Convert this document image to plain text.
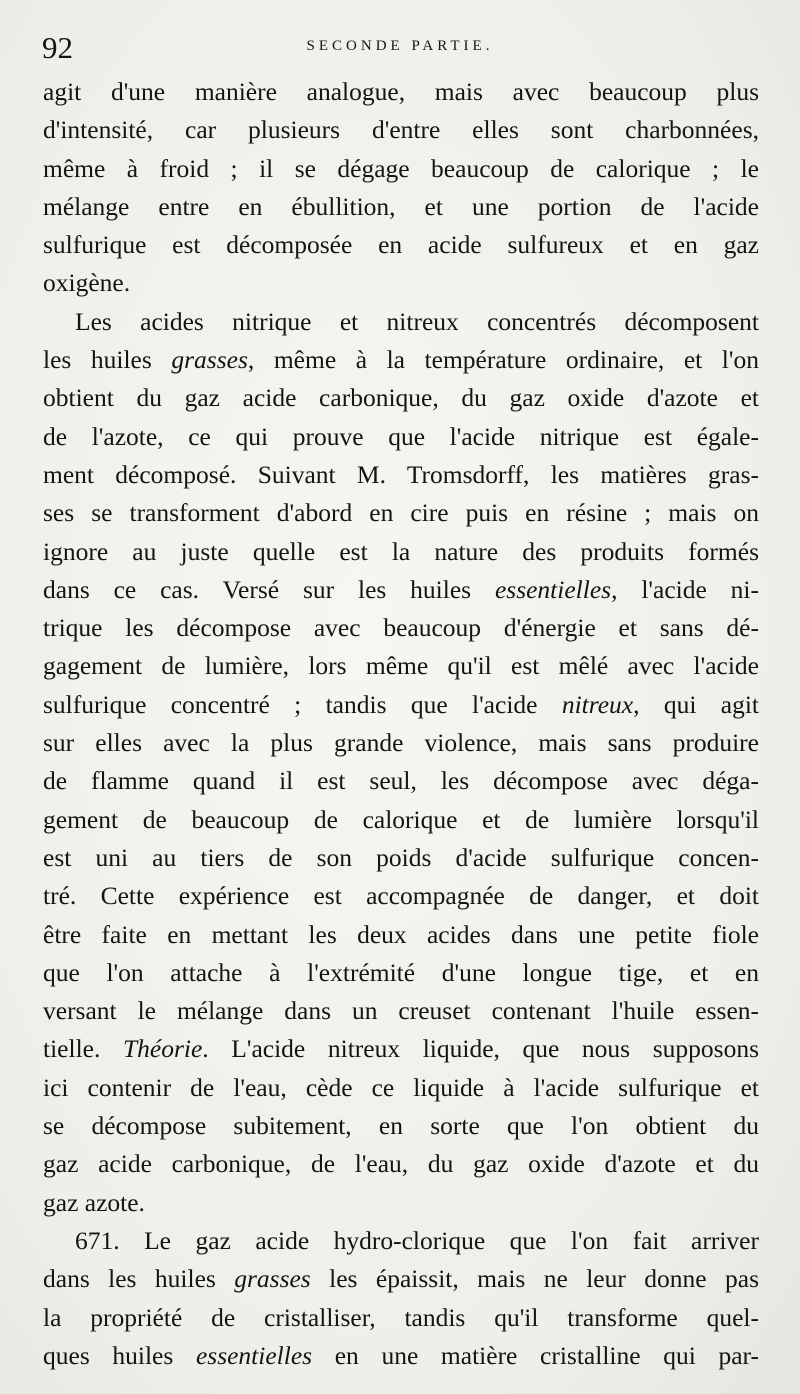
92	SECONDE PARTIE.
agit d'une manière analogue, mais avec beaucoup plus
d'intensité, car plusieurs d'entre elles sont charbonnées,
même à froid ; il se dégage beaucoup de calorique ; le
mélange entre en ébullition, et une portion de l'acide
sulfurique est décomposée en acide sulfureux et en gaz
oxigène.
Les acides nitrique et nitreux concentrés décomposent
les huiles grasses, même à la température ordinaire, et l'on
obtient du gaz acide carbonique, du gaz oxide d'azote et
de l'azote, ce qui prouve que l'acide nitrique est égale-
ment décomposé. Suivant M. Tromsdorff, les matières gras-
ses se transforment d'abord en cire puis en résine ; mais on
ignore au juste quelle est la nature des produits formés
dans ce cas. Versé sur les huiles essentielles, l'acide ni-
trique les décompose avec beaucoup d'énergie et sans dé-
gagement de lumière, lors même qu'il est mêlé avec l'acide
sulfurique concentré ; tandis que l'acide nitreux, qui agit
sur elles avec la plus grande violence, mais sans produire
de flamme quand il est seul, les décompose avec déga-
gement de beaucoup de calorique et de lumière lorsqu'il
est uni au tiers de son poids d'acide sulfurique concen-
tré. Cette expérience est accompagnée de danger, et doit
être faite en mettant les deux acides dans une petite fiole
que l'on attache à l'extrémité d'une longue tige, et en
versant le mélange dans un creuset contenant l'huile essen-
tielle. Théorie. L'acide nitreux liquide, que nous supposons
ici contenir de l'eau, cède ce liquide à l'acide sulfurique et
se décompose subitement, en sorte que l'on obtient du
gaz acide carbonique, de l'eau, du gaz oxide d'azote et du
gaz azote.
671. Le gaz acide hydro-clorique que l'on fait arriver
dans les huiles grasses les épaissit, mais ne leur donne pas
la propriété de cristalliser, tandis qu'il transforme quel-
ques huiles essentielles en une matière cristalline qui par-
